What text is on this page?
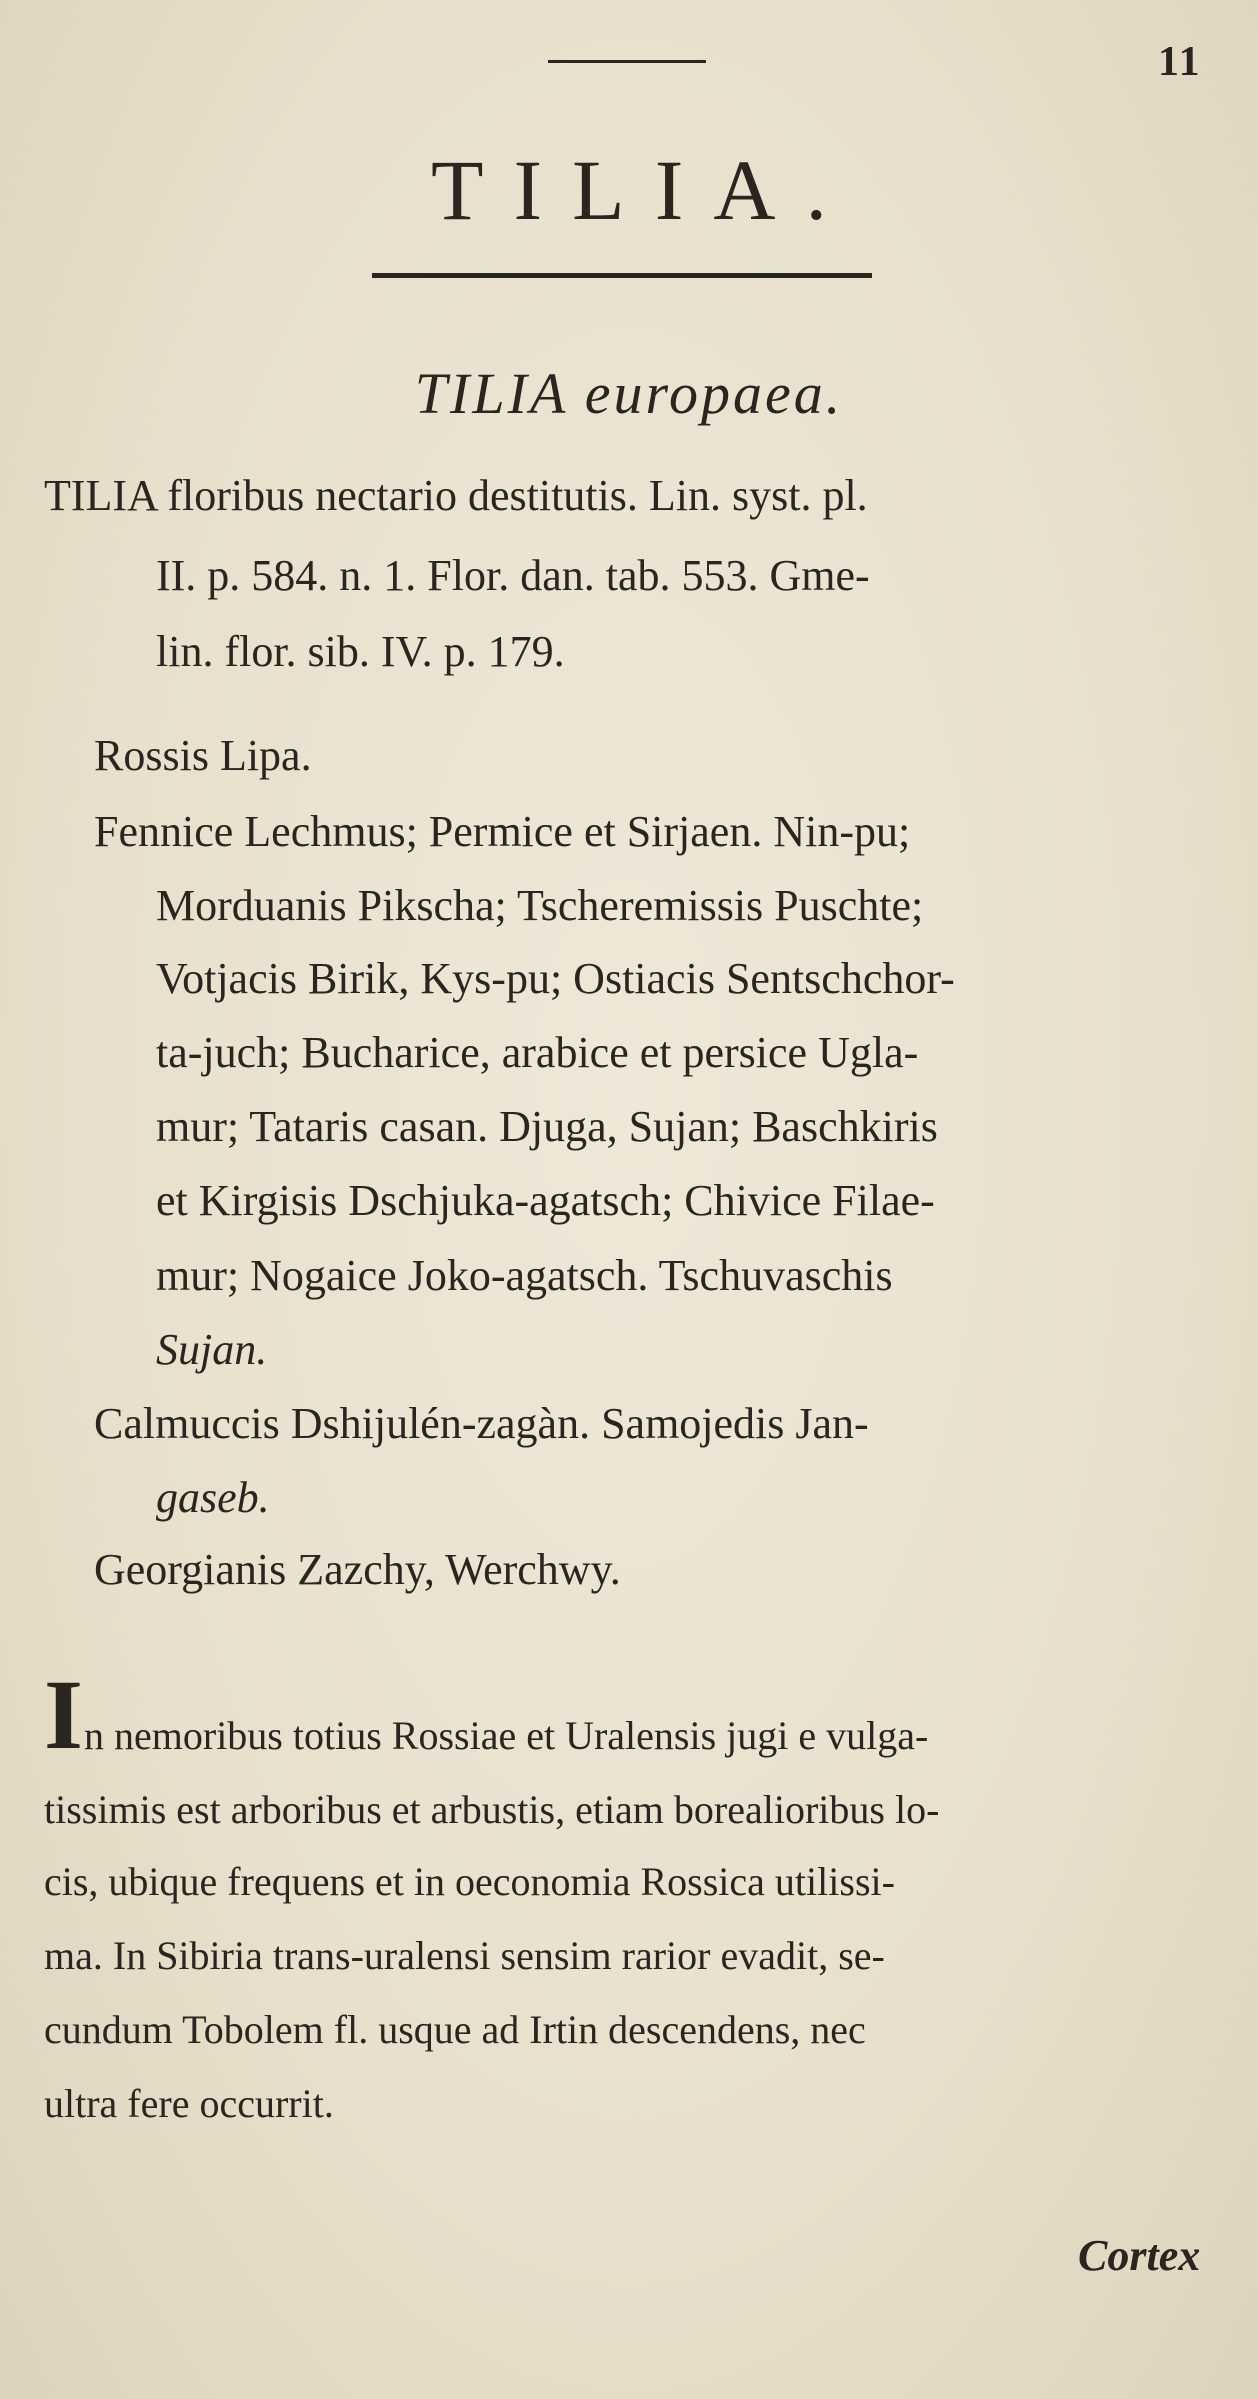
11
TILIA.
TILIA europaea.
TILIA floribus nectario destitutis. Lin. syst. pl.
II. p. 584. n. 1. Flor. dan. tab. 553. Gme-
lin. flor. sib. IV. p. 179.
Rossis Lipa.
Fennice Lechmus; Permice et Sirjaen. Nin-pu;
Morduanis Piksсha; Tscheremissis Puschte;
Votjacis Birik, Kys-pu; Ostiacis Sentschchor-
ta-juch; Bucharice, arabice et persice Ugla-
mur; Tataris casan. Djuga, Sujan; Baschkiris
et Kirgisis Dschjuka-agatsch; Chivice Filae-
mur; Nogaice Joko-agatsch. Tschuvaschis
Sujan.
Calmuccis Dshijulén-zagàn. Samojedis Jan-
gaseb.
Georgianis Zazchy, Werchwy.
I n nemoribus totius Rossiae et Uralensis jugi e vulga-
tissimis est arboribus et arbustis, etiam borealioribus lo-
cis, ubique frequens et in oeconomia Rossica utilissi-
ma. In Sibiria trans-uralensi sensim rarior evadit, se-
cundum Tobolem fl. usque ad Irtin descendens, nec
ultra fere occurrit.
Cortex
